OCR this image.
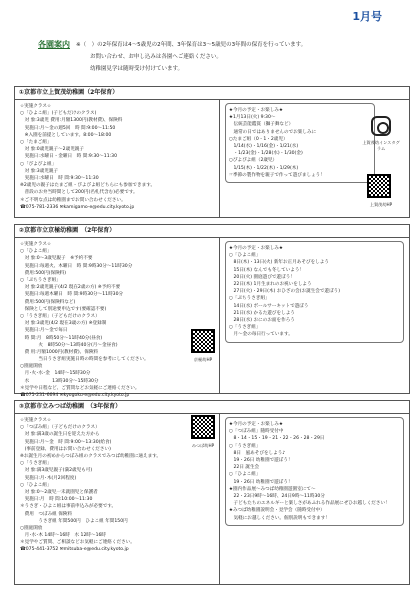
1月号
各園案内 ※（　）の2年保育は4～5歳児の2年間、3年保育は3～5歳児の3年間の保育を行っています。
お問い合わせ、お申し込みは各園へご連絡ください。
幼稚園見学は随時受け付けています。
①京都市立上賀茂幼稚園（2年保育）
☆実施クラス☆
○「ひよこ組」(子どもだけのクラス)
　対 象:3歳児 費用:月額1300円(教材費)、保険料
　実施日:月～金の週5回　時 間:9:00～11:50
　※入園を前提としています。8:00～18:00
○「たまご組」
　対 象:0歳児親子～2歳児親子
　実施日:水曜日・金曜日　時 間:9:30～11:30
○「ぴよぴよ組」
　対 象:3歳児親子
　実施日:水曜日　時 間:9:30～11:30
※2歳児の親子はたまご組・ぴよぴよ組どちらにも参加できます。
　普段のお弁当時間として200円(名札代含む)必要です。
＊ご不明な点は幼稚園までお問い合わせください。
☎075-781-2336 ✉kamigamo-e@edu.city.kyoto.jp
★今月の予定・お楽しみ★
★1月13日(火) 9:30～
　伝統芸能鑑賞（獅子舞など）
　通常の日ではありませんのでお楽しみに
○たまご組（0・1・2歳児）
　1/14(水)・1/16(金)・1/21(水)
　・1/23(金)・1/28(水)・1/30(金)
○ぴよぴよ組（2歳児）
　1/15(木)・1/22(木)・1/29(木)
☞季節の製作物を親子で作って遊びましょう！
上賀茂幼インスタグラム
上賀茂幼HP
②京都市立京極幼稚園　（2年保育）
☆実施クラス☆
○「ひよこ組」
　対 象:0～3歳児親子　※予約不要
　実施日:毎週火、木曜日　時 間:9時30分～11時30分
　費用:500円(保険料)
○「ぷちうさぎ組」
　対 象:2歳児親子(4/2 現在2歳の方) ※予約不要
　実施日:毎週木曜日　時 間:9時30分～11時30分
　費用:500円(保険料など)
　保険として別途要申込です(要確認不要)
○「うさぎ組」（子どもだけのクラス）
　対 象:3歳児(4/2 現在3歳の方) ※登録制
　実施日:月～金で毎日
　時 間:月　8時50分～11時40分(昼食)
　　　　火　8時50分～13時40分(月～金昼食)
　費 用:月額1000円(教材費)、保険料
　　　　当日うさぎ組実施日時の時間を参考にしてください。
○園庭開放
　月･火･水･金　14時～15時30分
　水　　　　　13時30分～15時30分
＊見学や日程など、ご質問などお気軽にご連絡ください。
☎075-231-6694 ✉kyogoku-e@edu.city.kyoto.jp
★今月の予定・お楽しみ★
○「ひよこ組」
　8日(木)・13日(火) 新年お正月あそびをしよう
　15日(木) なんでも冬していよう！
　20日(火) 園庭遊びで遊ぼう！
　22日(木) 1月生まれのお祝いをしよう
　27日(火)・29日(木) おひざの会(お誕生会で遊ぼう)
○「ぷちうさぎ組」
　14日(水) ボールサーキットで遊ぼう
　21日(水) かるた遊びをしよう
　28日(水) おにのお面を作ろう
○「うさぎ組」
　月～金の毎日行っています。
京極幼HP
③京都市立みつば幼稚園　（3年保育）
☆実施クラス☆
○「つぼみ組」（子どもだけのクラス）
　対 象:満3歳の誕生日を迎えた方から
　実施日:月～金　時 間:9:00～13:30(給食)
　(事前登録、費用はお問い合わせください)
※お誕生月の初めからつぼみ組のクラスでみつば幼稚園に通えます。
○「うさぎ組」
　対 象:満3歳児親子(満2歳児も可)
　実施日:月･木(月2回程度)
○「ひよこ組」
　対 象:0～2歳児一未就園児と保護者
　実施日:月　時 間:10:00～11:30
＊うさぎ・ひよこ組は事前申込みが必要です。
　費用　つぼみ組 保険料
　　　　うさぎ組 年間500円　ひよこ組 年間150円
○園庭開放
　月･水･木 14時～16時　水 12時～16時
＊見学やご質問、ご相談などお気軽にご連絡ください。
☎075-441-3752 ✉mitsuba-e@edu.city.kyoto.jp
★今月の予定・お楽しみ★
○「つぼみ組」随時受付中
　8・14・15・19・21・22・26・28・29日
○「うさぎ組」
　8日　風あそびをしよう♪
　19・26日 幼稚園で遊ぼう！
　22日 誕生会
○「ひよこ組」
　19・26日 幼稚園で遊ぼう！
★園内作品展～みつば幼稚園遊園室にて～
　22・23日9時～16時、24日9時～11時30分
　子どもたちのエネルギーと楽しさがあふれる作品展にぜひお越しください！
★みつば幼稚園説明会・見学会（随時受付中）
　気軽にお越しください。個別説明もできます！
みつば幼HP
